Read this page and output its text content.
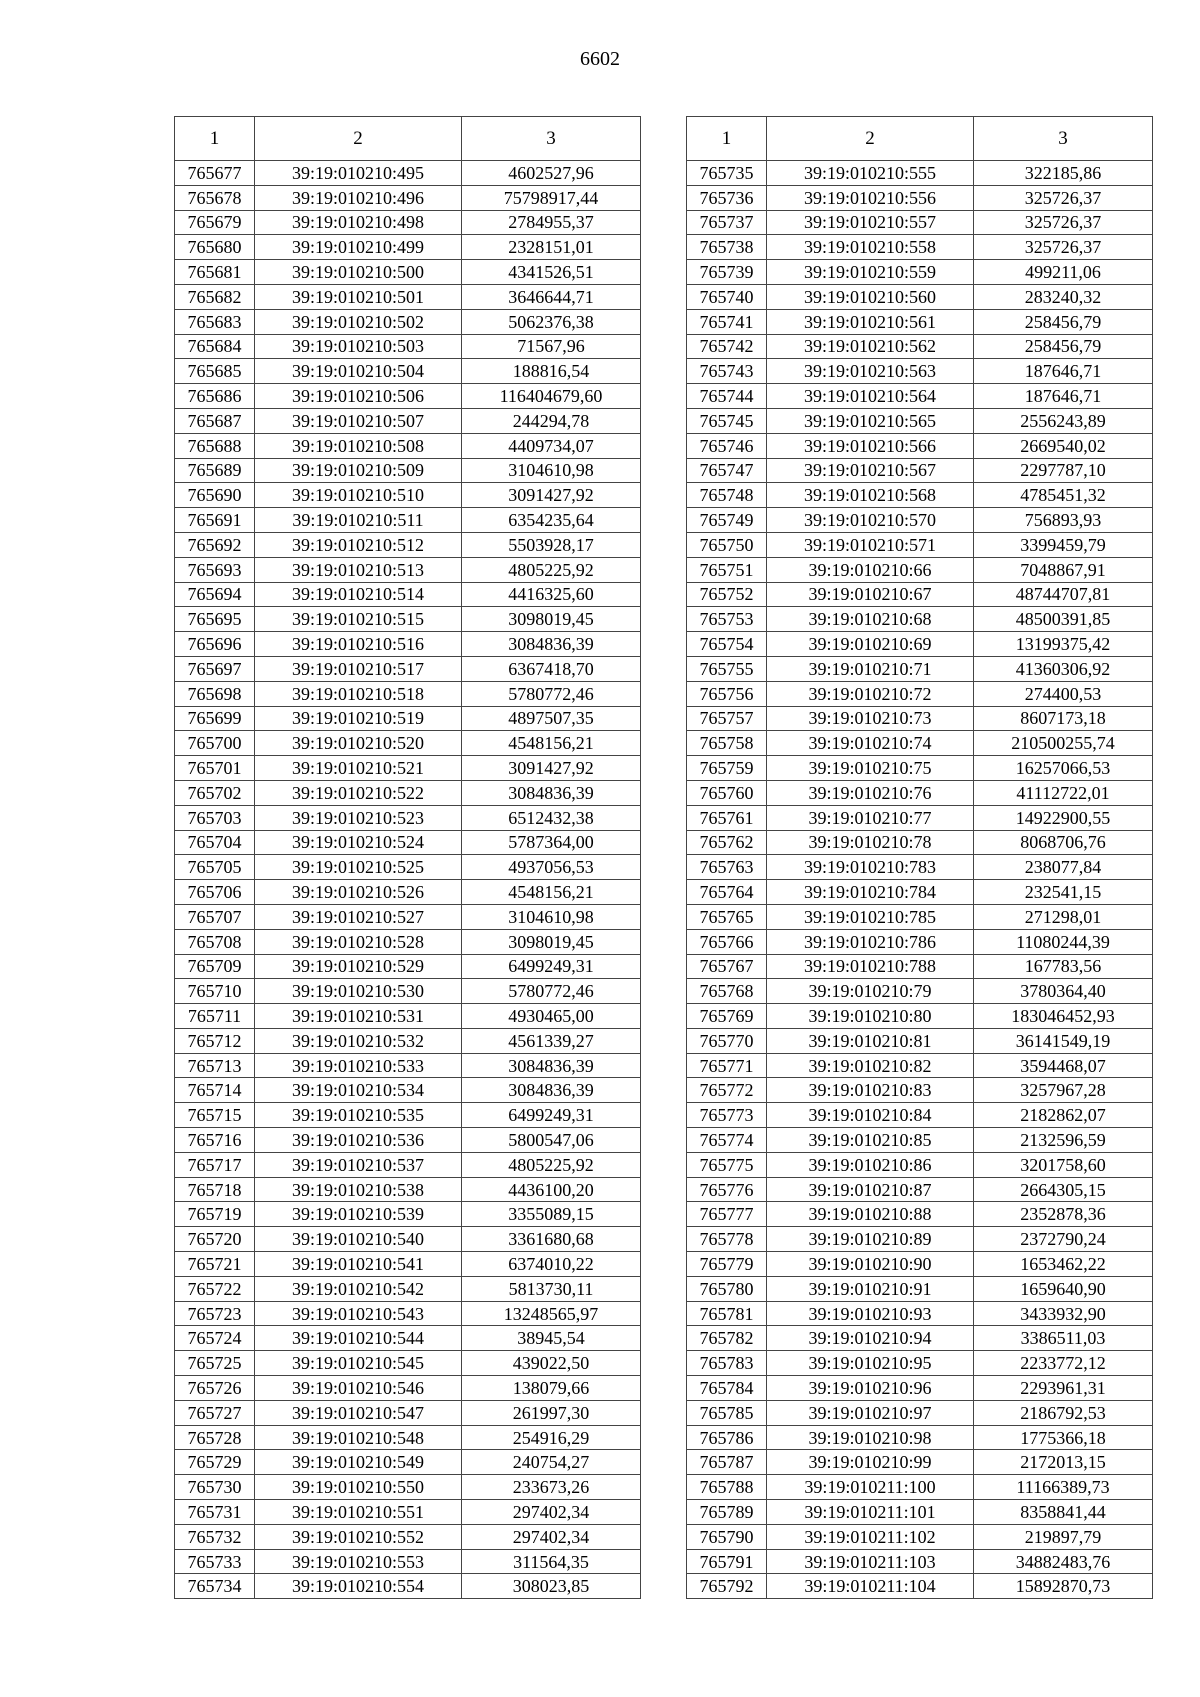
6602
1	2	3
765677	39:19:010210:495	4602527,96
765678	39:19:010210:496	75798917,44
765679	39:19:010210:498	2784955,37
765680	39:19:010210:499	2328151,01
765681	39:19:010210:500	4341526,51
765682	39:19:010210:501	3646644,71
765683	39:19:010210:502	5062376,38
765684	39:19:010210:503	71567,96
765685	39:19:010210:504	188816,54
765686	39:19:010210:506	116404679,60
765687	39:19:010210:507	244294,78
765688	39:19:010210:508	4409734,07
765689	39:19:010210:509	3104610,98
765690	39:19:010210:510	3091427,92
765691	39:19:010210:511	6354235,64
765692	39:19:010210:512	5503928,17
765693	39:19:010210:513	4805225,92
765694	39:19:010210:514	4416325,60
765695	39:19:010210:515	3098019,45
765696	39:19:010210:516	3084836,39
765697	39:19:010210:517	6367418,70
765698	39:19:010210:518	5780772,46
765699	39:19:010210:519	4897507,35
765700	39:19:010210:520	4548156,21
765701	39:19:010210:521	3091427,92
765702	39:19:010210:522	3084836,39
765703	39:19:010210:523	6512432,38
765704	39:19:010210:524	5787364,00
765705	39:19:010210:525	4937056,53
765706	39:19:010210:526	4548156,21
765707	39:19:010210:527	3104610,98
765708	39:19:010210:528	3098019,45
765709	39:19:010210:529	6499249,31
765710	39:19:010210:530	5780772,46
765711	39:19:010210:531	4930465,00
765712	39:19:010210:532	4561339,27
765713	39:19:010210:533	3084836,39
765714	39:19:010210:534	3084836,39
765715	39:19:010210:535	6499249,31
765716	39:19:010210:536	5800547,06
765717	39:19:010210:537	4805225,92
765718	39:19:010210:538	4436100,20
765719	39:19:010210:539	3355089,15
765720	39:19:010210:540	3361680,68
765721	39:19:010210:541	6374010,22
765722	39:19:010210:542	5813730,11
765723	39:19:010210:543	13248565,97
765724	39:19:010210:544	38945,54
765725	39:19:010210:545	439022,50
765726	39:19:010210:546	138079,66
765727	39:19:010210:547	261997,30
765728	39:19:010210:548	254916,29
765729	39:19:010210:549	240754,27
765730	39:19:010210:550	233673,26
765731	39:19:010210:551	297402,34
765732	39:19:010210:552	297402,34
765733	39:19:010210:553	311564,35
765734	39:19:010210:554	308023,85
1	2	3
765735	39:19:010210:555	322185,86
765736	39:19:010210:556	325726,37
765737	39:19:010210:557	325726,37
765738	39:19:010210:558	325726,37
765739	39:19:010210:559	499211,06
765740	39:19:010210:560	283240,32
765741	39:19:010210:561	258456,79
765742	39:19:010210:562	258456,79
765743	39:19:010210:563	187646,71
765744	39:19:010210:564	187646,71
765745	39:19:010210:565	2556243,89
765746	39:19:010210:566	2669540,02
765747	39:19:010210:567	2297787,10
765748	39:19:010210:568	4785451,32
765749	39:19:010210:570	756893,93
765750	39:19:010210:571	3399459,79
765751	39:19:010210:66	7048867,91
765752	39:19:010210:67	48744707,81
765753	39:19:010210:68	48500391,85
765754	39:19:010210:69	13199375,42
765755	39:19:010210:71	41360306,92
765756	39:19:010210:72	274400,53
765757	39:19:010210:73	8607173,18
765758	39:19:010210:74	210500255,74
765759	39:19:010210:75	16257066,53
765760	39:19:010210:76	41112722,01
765761	39:19:010210:77	14922900,55
765762	39:19:010210:78	8068706,76
765763	39:19:010210:783	238077,84
765764	39:19:010210:784	232541,15
765765	39:19:010210:785	271298,01
765766	39:19:010210:786	11080244,39
765767	39:19:010210:788	167783,56
765768	39:19:010210:79	3780364,40
765769	39:19:010210:80	183046452,93
765770	39:19:010210:81	36141549,19
765771	39:19:010210:82	3594468,07
765772	39:19:010210:83	3257967,28
765773	39:19:010210:84	2182862,07
765774	39:19:010210:85	2132596,59
765775	39:19:010210:86	3201758,60
765776	39:19:010210:87	2664305,15
765777	39:19:010210:88	2352878,36
765778	39:19:010210:89	2372790,24
765779	39:19:010210:90	1653462,22
765780	39:19:010210:91	1659640,90
765781	39:19:010210:93	3433932,90
765782	39:19:010210:94	3386511,03
765783	39:19:010210:95	2233772,12
765784	39:19:010210:96	2293961,31
765785	39:19:010210:97	2186792,53
765786	39:19:010210:98	1775366,18
765787	39:19:010210:99	2172013,15
765788	39:19:010211:100	11166389,73
765789	39:19:010211:101	8358841,44
765790	39:19:010211:102	219897,79
765791	39:19:010211:103	34882483,76
765792	39:19:010211:104	15892870,73
